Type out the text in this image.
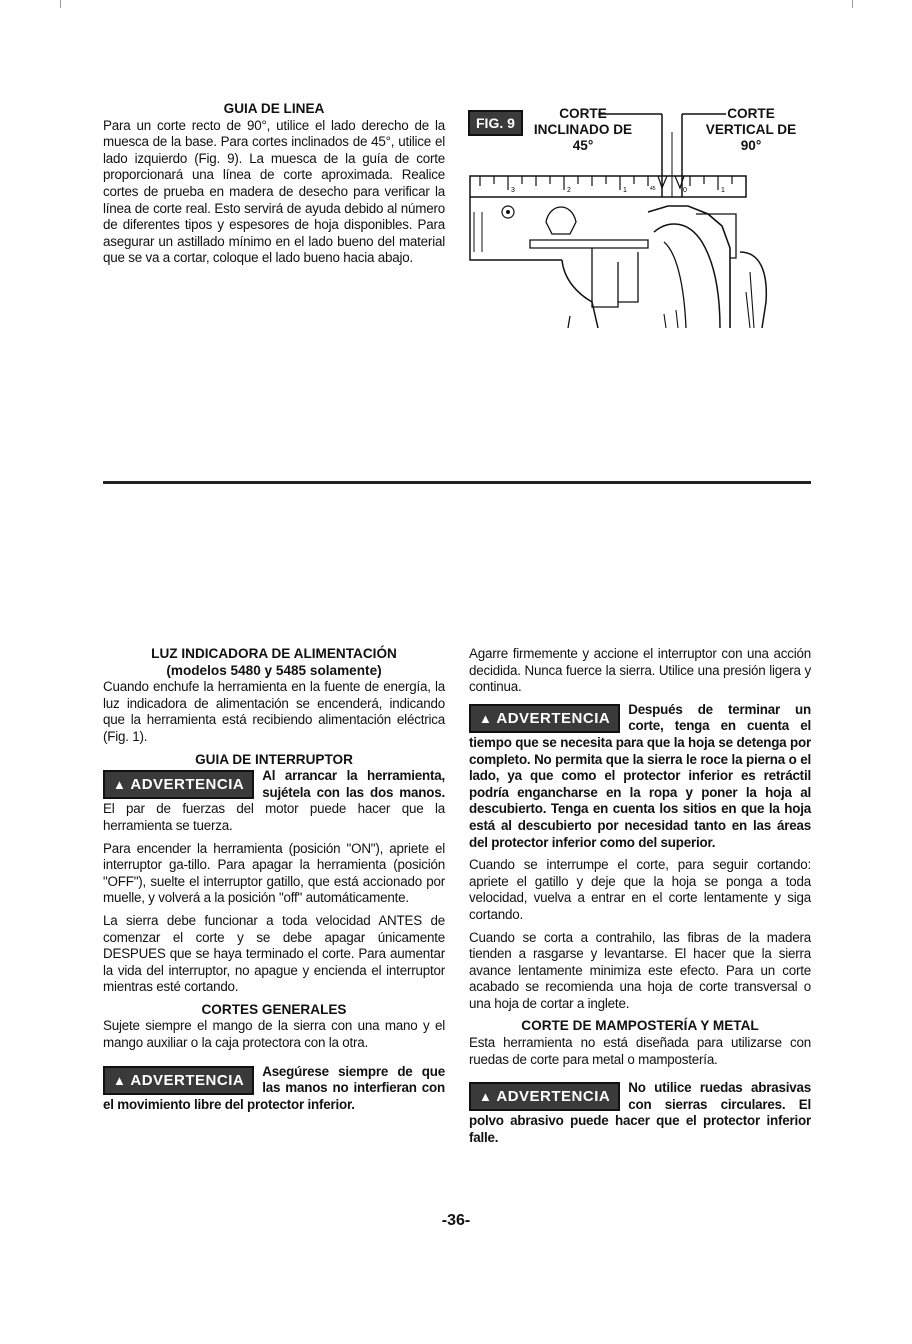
GUIA DE LINEA

Para un corte recto de 90°, utilice el lado derecho de la muesca de la base. Para cortes inclinados de 45°, utilice el lado izquierdo (Fig. 9). La muesca de la guía de corte proporcionará una línea de corte aproximada. Realice cortes de prueba en madera de desecho para verificar la línea de corte real. Esto servirá de ayuda debido al número de diferentes tipos y espesores de hoja disponibles. Para asegurar un astillado mínimo en el lado bueno del material que se va a cortar, coloque el lado bueno hacia abajo.

3	2	1	45	0	1
FIG. 9
CORTE
INCLINADO DE
45°
CORTE
VERTICAL DE
90°
LUZ INDICADORA DE ALIMENTACIÓN
(modelos 5480 y 5485 solamente)

Cuando enchufe la herramienta en la fuente de energía, la luz indicadora de alimentación se encenderá, indicando que la herramienta está recibiendo alimentación eléctrica (Fig. 1).

GUIA DE INTERRUPTOR

▲ ADVERTENCIA
Al arrancar la herramienta, sujétela con las dos manos. El par de fuerzas del motor puede hacer que la herramienta se tuerza.

Para encender la herramienta (posición "ON"), apriete el interruptor ga-tillo. Para apagar la herramienta (posición "OFF"), suelte el interruptor gatillo, que está accionado por muelle, y volverá a la posición "off" automáticamente.

La sierra debe funcionar a toda velocidad ANTES de comenzar el corte y se debe apagar únicamente DESPUES que se haya terminado el corte. Para aumentar la vida del interruptor, no apague y encienda el interruptor mientras esté cortando.

CORTES GENERALES

Sujete siempre el mango de la sierra con una mano y el mango auxiliar o la caja protectora con la otra.

▲ ADVERTENCIA
Asegúrese siempre de que las manos no interfieran con el movimiento libre del protector inferior.

Agarre firmemente y accione el interruptor con una acción decidida. Nunca fuerce la sierra. Utilice una presión ligera y continua.

▲ ADVERTENCIA
Después de terminar un corte, tenga en cuenta el tiempo que se necesita para que la hoja se detenga por completo. No permita que la sierra le roce la pierna o el lado, ya que como el protector inferior es retráctil podría engancharse en la ropa y poner la hoja al descubierto. Tenga en cuenta los sitios en que la hoja está al descubierto por necesidad tanto en las áreas del protector inferior como del superior.

Cuando se interrumpe el corte, para seguir cortando: apriete el gatillo y deje que la hoja se ponga a toda velocidad, vuelva a entrar en el corte lentamente y siga cortando.

Cuando se corta a contrahilo, las fibras de la madera tienden a rasgarse y levantarse. El hacer que la sierra avance lentamente minimiza este efecto. Para un corte acabado se recomienda una hoja de corte transversal o una hoja de cortar a inglete.

CORTE DE MAMPOSTERÍA Y METAL

Esta herramienta no está diseñada para utilizarse con ruedas de corte para metal o mampostería.

▲ ADVERTENCIA
No utilice ruedas abrasivas con sierras circulares. El polvo abrasivo puede hacer que el protector inferior falle.

-36-
